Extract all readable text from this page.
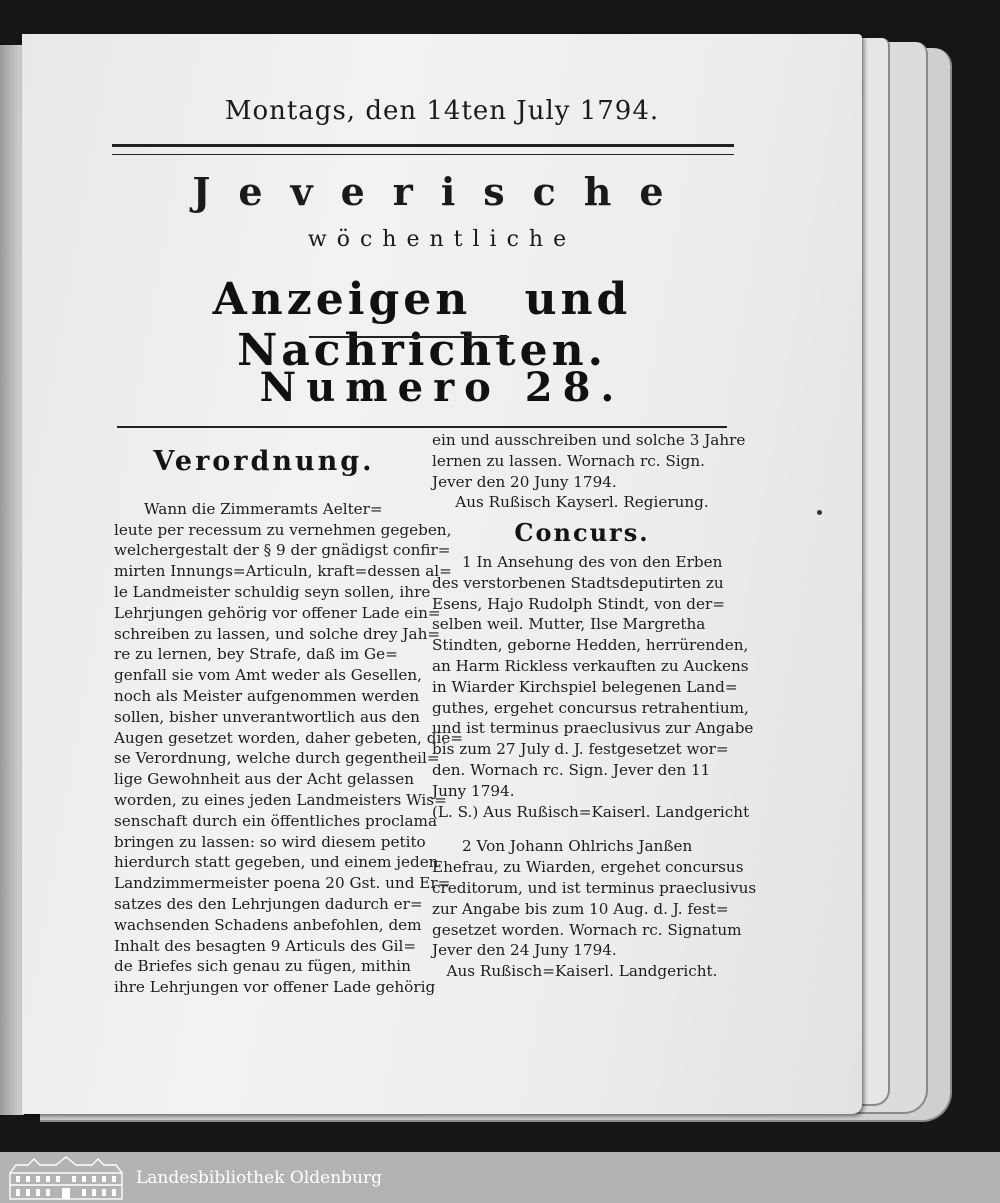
Montags, den 14ten July 1794.
Jeverische
wöchentliche
Anzeigen und Nachrichten.
Numero 28.
Verordnung.
Wann die Zimmeramts Aelter=
leute per recessum zu vernehmen gegeben,
welchergestalt der § 9 der gnädigst confir=
mirten Innungs=Articuln, kraft=dessen al=
le Landmeister schuldig seyn sollen, ihre
Lehrjungen gehörig vor offener Lade ein=
schreiben zu lassen, und solche drey Jah=
re zu lernen, bey Strafe, daß im Ge=
genfall sie vom Amt weder als Gesellen,
noch als Meister aufgenommen werden
sollen, bisher unverantwortlich aus den
Augen gesetzet worden, daher gebeten, die=
se Verordnung, welche durch gegentheil=
lige Gewohnheit aus der Acht gelassen
worden, zu eines jeden Landmeisters Wis=
senschaft durch ein öffentliches proclama
bringen zu lassen: so wird diesem petito
hierdurch statt gegeben, und einem jeden
Landzimmermeister poena 20 Gst. und Er=
satzes des den Lehrjungen dadurch er=
wachsenden Schadens anbefohlen, dem
Inhalt des besagten 9 Articuls des Gil=
de Briefes sich genau zu fügen, mithin
ihre Lehrjungen vor offener Lade gehörig
ein und ausschreiben und solche 3 Jahre
lernen zu lassen. Wornach rc. Sign.
Jever den 20 Juny 1794.
Aus Rußisch Kayserl. Regierung.
Concurs.
1 In Ansehung des von den Erben
des verstorbenen Stadtsdeputirten zu
Esens, Hajo Rudolph Stindt, von der=
selben weil. Mutter, Ilse Margretha
Stindten, geborne Hedden, herrürenden,
an Harm Rickless verkauften zu Auckens
in Wiarder Kirchspiel belegenen Land=
guthes, ergehet concursus retrahentium,
und ist terminus praeclusivus zur Angabe
bis zum 27 July d. J. festgesetzet wor=
den. Wornach rc. Sign. Jever den 11
Juny 1794.
(L. S.) Aus Rußisch=Kaiserl. Landgericht
2 Von Johann Ohlrichs Janßen
Ehefrau, zu Wiarden, ergehet concursus
creditorum, und ist terminus praeclusivus
zur Angabe bis zum 10 Aug. d. J. fest=
gesetzet worden. Wornach rc. Signatum
Jever den 24 Juny 1794.
Aus Rußisch=Kaiserl. Landgericht.
Landesbibliothek Oldenburg
